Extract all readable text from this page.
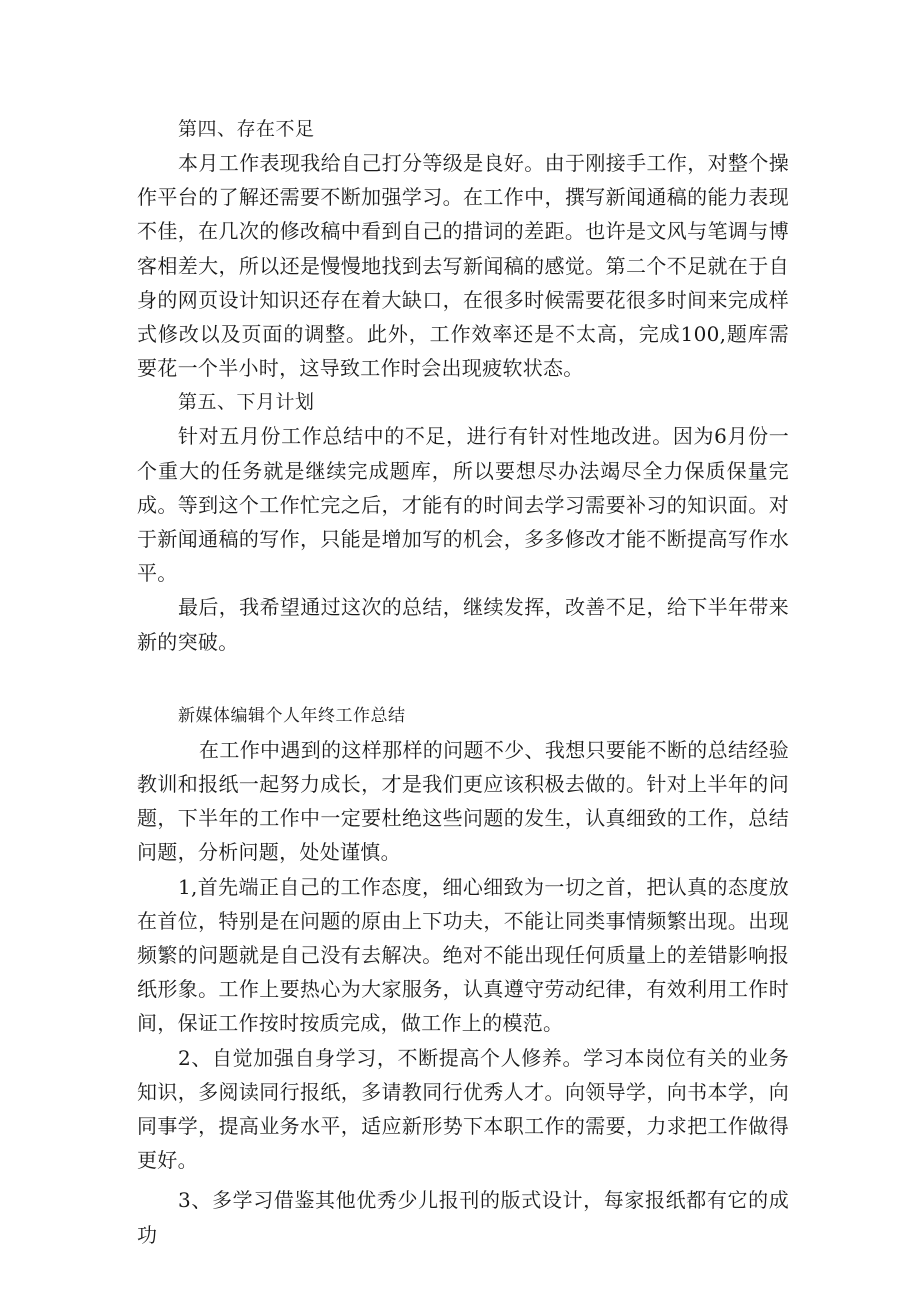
第四、存在不足

本月工作表现我给自己打分等级是良好。由于刚接手工作，对整个操作平台的了解还需要不断加强学习。在工作中，撰写新闻通稿的能力表现不佳，在几次的修改稿中看到自己的措词的差距。也许是文风与笔调与博客相差大，所以还是慢慢地找到去写新闻稿的感觉。第二个不足就在于自身的网页设计知识还存在着大缺口，在很多时候需要花很多时间来完成样式修改以及页面的调整。此外，工作效率还是不太高，完成100,题库需要花一个半小时，这导致工作时会出现疲软状态。

第五、下月计划

针对五月份工作总结中的不足，进行有针对性地改进。因为6月份一个重大的任务就是继续完成题库，所以要想尽办法竭尽全力保质保量完成。等到这个工作忙完之后，才能有的时间去学习需要补习的知识面。对于新闻通稿的写作，只能是增加写的机会，多多修改才能不断提高写作水平。

最后，我希望通过这次的总结，继续发挥，改善不足，给下半年带来新的突破。

新媒体编辑个人年终工作总结

在工作中遇到的这样那样的问题不少、我想只要能不断的总结经验教训和报纸一起努力成长，才是我们更应该积极去做的。针对上半年的问题，下半年的工作中一定要杜绝这些问题的发生，认真细致的工作，总结问题，分析问题，处处谨慎。

1,首先端正自己的工作态度，细心细致为一切之首，把认真的态度放在首位，特别是在问题的原由上下功夫，不能让同类事情频繁出现。出现频繁的问题就是自己没有去解决。绝对不能出现任何质量上的差错影响报纸形象。工作上要热心为大家服务，认真遵守劳动纪律，有效利用工作时间，保证工作按时按质完成，做工作上的模范。

2、自觉加强自身学习，不断提高个人修养。学习本岗位有关的业务知识，多阅读同行报纸，多请教同行优秀人才。向领导学，向书本学，向同事学，提高业务水平，适应新形势下本职工作的需要，力求把工作做得更好。

3、多学习借鉴其他优秀少儿报刊的版式设计，每家报纸都有它的成功
